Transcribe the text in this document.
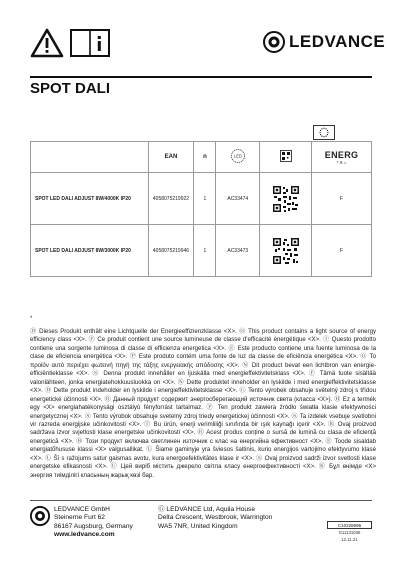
LEDVANCE
SPOT DALI
	EAN	n	LED		ENERG
* X =

SPOT LED DALI ADJUST 8W/4000K IP20	4058075219922	1	AC33474		F
SPOT LED DALI ADJUST 8W/3000K IP20	4058075219946	1	AC33473		F
*
Ⓓ Dieses Produkt enthält eine Lichtquelle der Energieeffizienzklasse <X>. Ⓖ This product contains a light source of energy efficiency class <X>. Ⓕ Ce produit contient une source lumineuse de classe d'efficacité énergétique <X>. Ⓘ Questo prodotto contiene una sorgente luminosa di classe di efficienza energetica <X>. Ⓔ Este producto contiene una fuente luminosa de la clase de eficiencia energética <X>. Ⓟ Este produto contém uma fonte de luz da classe de eficiência energética <X>. Ⓖ Το προϊόν αυτό περιέχει φωτεινή πηγή της τάξης ενεργειακής απόδοσης <X>. Ⓝ Dit product bevat een lichtbron van energie-efficiëntieklasse <X>. Ⓢ Denna produkt innehåller en ljuskälla med energieffektivitetsklass <X>. Ⓕ Tämä tuote sisältää valonlähteen, jonka energiatehokkuusluokka on <X>. Ⓝ Dette produktet inneholder en lyskilde i med energieffektivitetsklasse <X>. Ⓓ Dette produkt indeholder en lyskilde i energieffektivitetsklasse <X>. Ⓒ Tento výrobek obsahuje světelný zdroj s třídou energetické účinnosti <X>. Ⓡ Данный продукт содержит энергосберегающий источник света (класса <X>). Ⓗ Ez a termék egy <X> energiahatékonysági osztályú fényforrást tartalmaz. Ⓟ Ten produkt zawiera źródło światła klasie efektywności energetycznej <X>. Ⓢ Tento výrobok obsahuje svetelný zdroj triedy energetickej účinnosti <X>. Ⓢ Ta izdelek vsebuje svetlobni vir razreda energijske učinkovitosti <X>. Ⓣ Bu ürün, enerji verimliliği sınıfında bir ışık kaynağı içerir <X>. Ⓡ Ovaj proizvod sadržava izvor svjetlosti klase energetske učinkovitosti <X>. Ⓡ Acest produs conține o sursă de lumină cu clasa de eficiență energetică <X>. Ⓑ Този продукт включва светлинен източник с клас на енергийна ефективност <X>. Ⓔ Toode sisaldab energiatõhususe klassi <X> valgusallikat. Ⓛ Šiame gaminyje yra šviesos šaltinis, kurio energijos vartojimo efektyvumo klasė <X>. Ⓛ Šī s ražojums satur gaismas avotu, kura energoefektivitātes klase ir <X>. Ⓢ Ovaj proizvod sadrži izvor svetlosti klase energetske efikasnosti <X>. Ⓤ Цей виріб містить джерело світла класу енергоефективності <X>. Ⓚ Бұл өнімде <X> энергия тиімділігі класының жарық көзі бар.
LEDVANCE GmbH
Steinerne Furt 62
86167 Augsburg, Germany
www.ledvance.com
Ⓖ LEDVANCE Ltd, Aquila House
Delta Crescent, Westbrook, Warrington
WA5 7NR, United Kingdom	C10226696
G11131036
12.11.21
